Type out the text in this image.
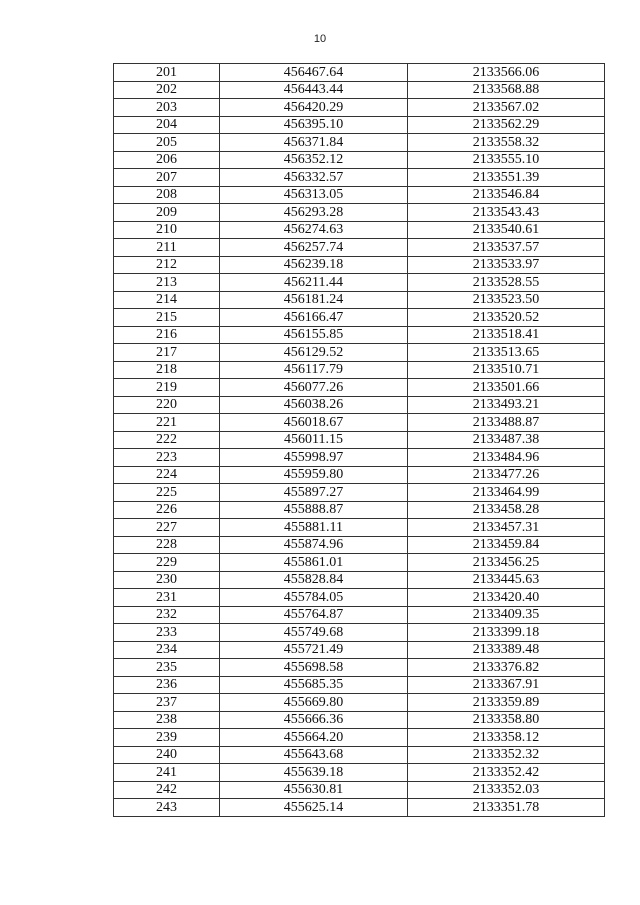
10
201	456467.64	2133566.06
202	456443.44	2133568.88
203	456420.29	2133567.02
204	456395.10	2133562.29
205	456371.84	2133558.32
206	456352.12	2133555.10
207	456332.57	2133551.39
208	456313.05	2133546.84
209	456293.28	2133543.43
210	456274.63	2133540.61
211	456257.74	2133537.57
212	456239.18	2133533.97
213	456211.44	2133528.55
214	456181.24	2133523.50
215	456166.47	2133520.52
216	456155.85	2133518.41
217	456129.52	2133513.65
218	456117.79	2133510.71
219	456077.26	2133501.66
220	456038.26	2133493.21
221	456018.67	2133488.87
222	456011.15	2133487.38
223	455998.97	2133484.96
224	455959.80	2133477.26
225	455897.27	2133464.99
226	455888.87	2133458.28
227	455881.11	2133457.31
228	455874.96	2133459.84
229	455861.01	2133456.25
230	455828.84	2133445.63
231	455784.05	2133420.40
232	455764.87	2133409.35
233	455749.68	2133399.18
234	455721.49	2133389.48
235	455698.58	2133376.82
236	455685.35	2133367.91
237	455669.80	2133359.89
238	455666.36	2133358.80
239	455664.20	2133358.12
240	455643.68	2133352.32
241	455639.18	2133352.42
242	455630.81	2133352.03
243	455625.14	2133351.78
